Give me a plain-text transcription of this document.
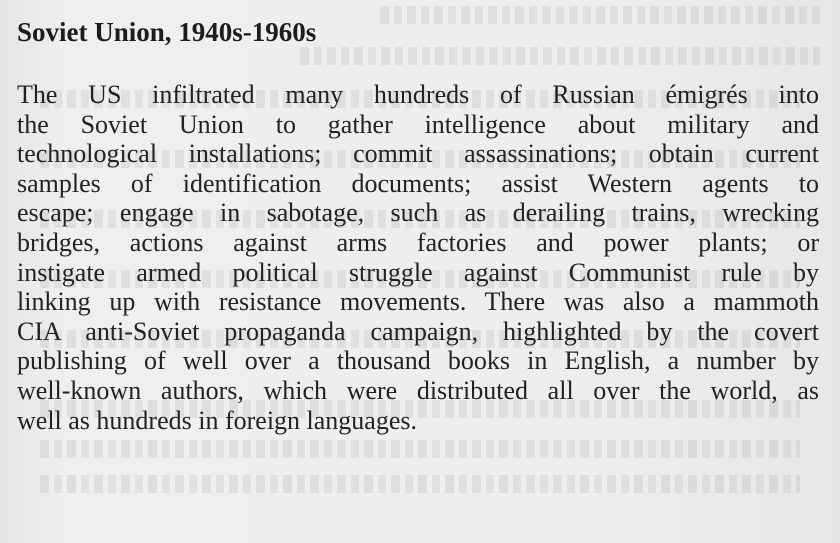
Soviet Union, 1940s-1960s
The US infiltrated many hundreds of Russian émigrés into
the Soviet Union to gather intelligence about military and
technological installations; commit assassinations; obtain current
samples of identification documents; assist Western agents to
escape; engage in sabotage, such as derailing trains, wrecking
bridges, actions against arms factories and power plants; or
instigate armed political struggle against Communist rule by
linking up with resistance movements. There was also a mammoth
CIA anti-Soviet propaganda campaign, highlighted by the covert
publishing of well over a thousand books in English, a number by
well-known authors, which were distributed all over the world, as
well as hundreds in foreign languages.
